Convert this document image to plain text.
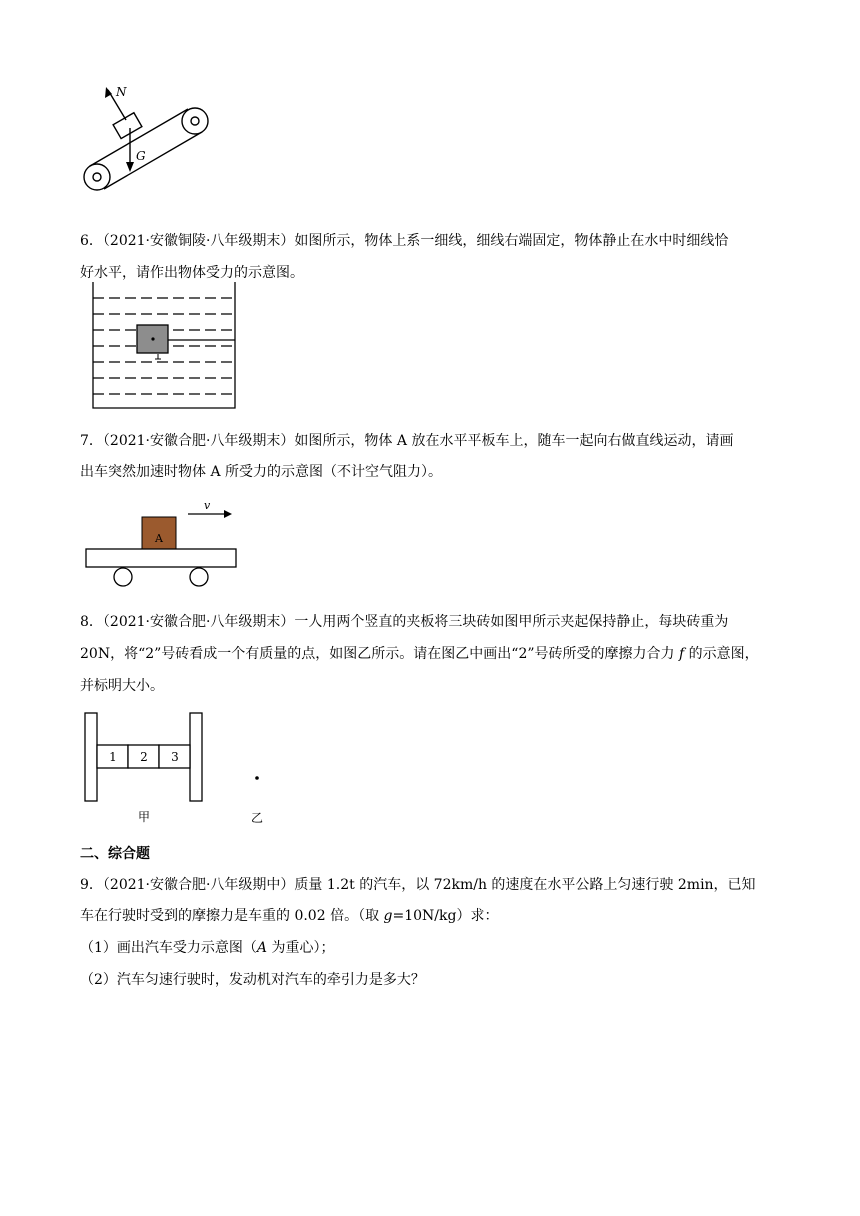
N
G
6．（2021·安徽铜陵·八年级期末）如图所示，物体上系一细线，细线右端固定，物体静止在水中时细线恰
好水平，请作出物体受力的示意图。
7．（2021·安徽合肥·八年级期末）如图所示，物体 A 放在水平平板车上，随车一起向右做直线运动，请画
出车突然加速时物体 A 所受力的示意图（不计空气阻力）。
A
v
8．（2021·安徽合肥·八年级期末）一人用两个竖直的夹板将三块砖如图甲所示夹起保持静止，每块砖重为
20N，将“2”号砖看成一个有质量的点，如图乙所示。请在图乙中画出“2”号砖所受的摩擦力合力 f 的示意图，
并标明大小。
1 2 3
甲	乙
二、综合题
9．（2021·安徽合肥·八年级期中）质量 1.2t 的汽车，以 72km/h 的速度在水平公路上匀速行驶 2min，已知
车在行驶时受到的摩擦力是车重的 0.02 倍。（取 g=10N/kg）求：
（1）画出汽车受力示意图（A 为重心）；
（2）汽车匀速行驶时，发动机对汽车的牵引力是多大？
